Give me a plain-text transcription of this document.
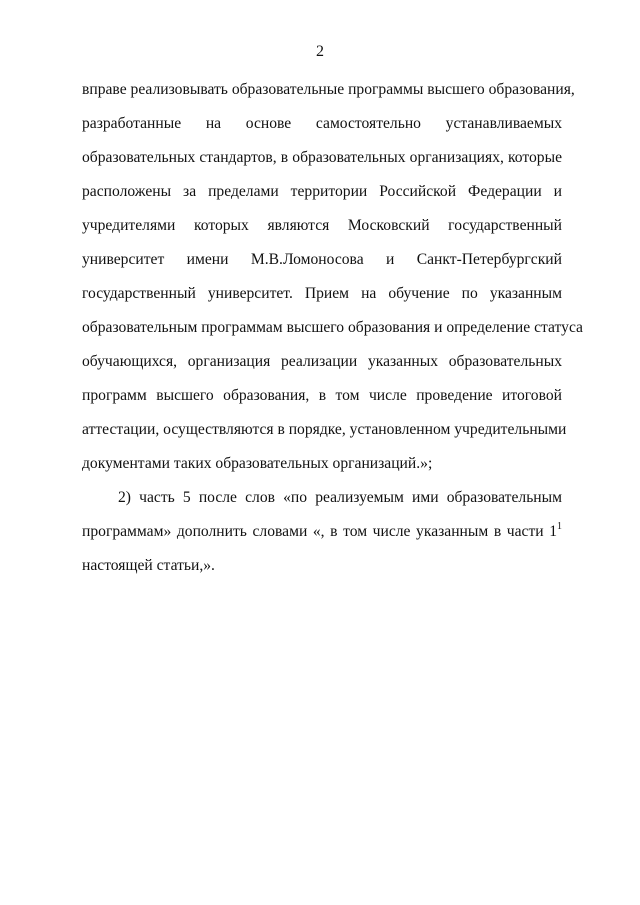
2
вправе реализовывать образовательные программы высшего образования,
разработанные на основе самостоятельно устанавливаемых
образовательных стандартов, в образовательных организациях, которые
расположены за пределами территории Российской Федерации и
учредителями которых являются Московский государственный
университет имени М.В.Ломоносова и Санкт-Петербургский
государственный университет. Прием на обучение по указанным
образовательным программам высшего образования и определение статуса
обучающихся, организация реализации указанных образовательных
программ высшего образования, в том числе проведение итоговой
аттестации, осуществляются в порядке, установленном учредительными
документами таких образовательных организаций.»;
2) часть 5 после слов «по реализуемым ими образовательным
программам» дополнить словами «, в том числе указанным в части 1$^1$
настоящей статьи,».
